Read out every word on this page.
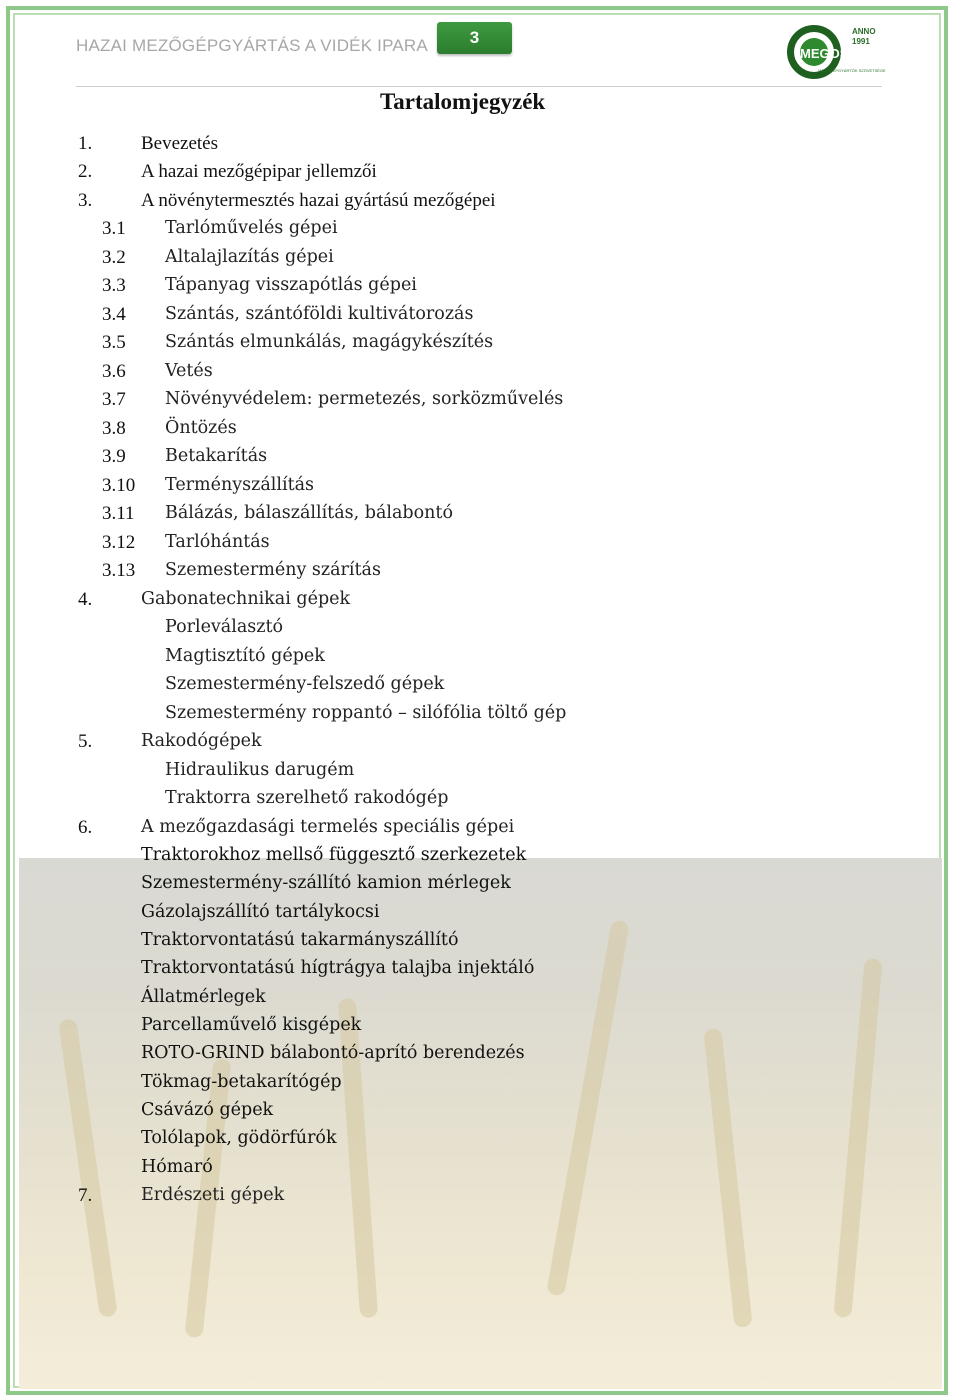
HAZAI MEZŐGÉPGYÁRTÁS A VIDÉK IPARA	3
MEGOSZ
ANNO
1991
MEZŐGÉPGYÁRTÓK SZÖVETSÉGE
Tartalomjegyzék
1.	Bevezetés
2.	A hazai mezőgépipar jellemzői
3.	A növénytermesztés hazai gyártású mezőgépei
3.1 Tarlóművelés gépei
3.2 Altalajlazítás gépei
3.3 Tápanyag visszapótlás gépei
3.4 Szántás, szántóföldi kultivátorozás
3.5 Szántás elmunkálás, magágykészítés
3.6 Vetés
3.7 Növényvédelem: permetezés, sorközművelés
3.8 Öntözés
3.9 Betakarítás
3.10 Terményszállítás
3.11 Bálázás, bálaszállítás, bálabontó
3.12 Tarlóhántás
3.13 Szemestermény szárítás
4.	Gabonatechnikai gépek
Porleválasztó
Magtisztító gépek
Szemestermény-felszedő gépek
Szemestermény roppantó – silófólia töltő gép
5.	Rakodógépek
Hidraulikus darugém
Traktorra szerelhető rakodógép
6.	A mezőgazdasági termelés speciális gépei
Traktorokhoz mellső függesztő szerkezetek
Szemestermény-szállító kamion mérlegek
Gázolajszállító tartálykocsi
Traktorvontatású takarmányszállító
Traktorvontatású hígtrágya talajba injektáló
Állatmérlegek
Parcellaművelő kisgépek
ROTO-GRIND bálabontó-aprító berendezés
Tökmag-betakarítógép
Csávázó gépek
Tolólapok, gödörfúrók
Hómaró
7.	Erdészeti gépek
